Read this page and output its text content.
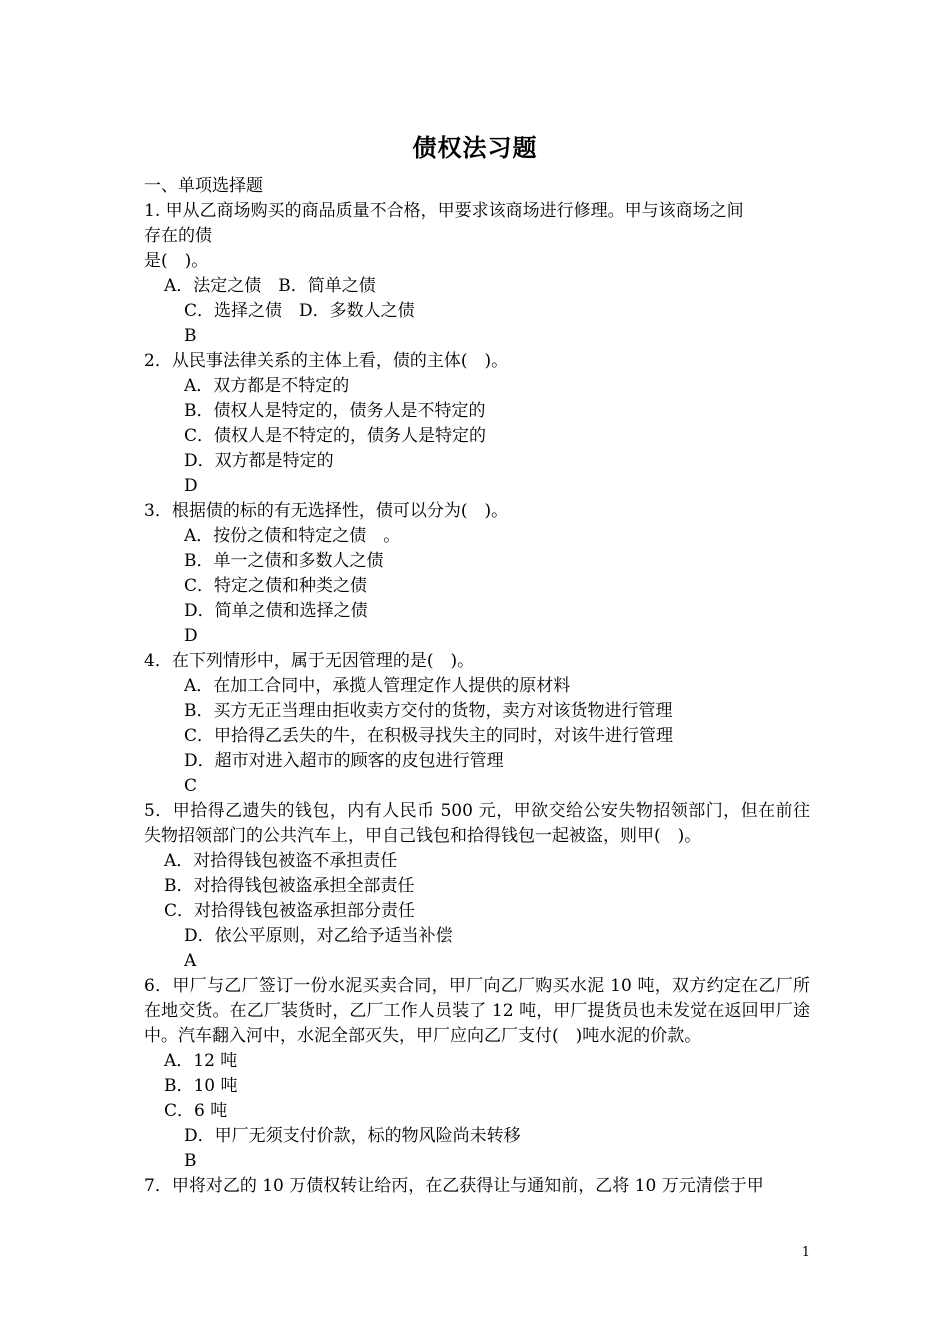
债权法习题
一、单项选择题
1. 甲从乙商场购买的商品质量不合格，甲要求该商场进行修理。甲与该商场之间
存在的债
是(　)。
A．法定之债　B．简单之债
C．选择之债　D．多数人之债
B
2．从民事法律关系的主体上看，债的主体(　)。
A．双方都是不特定的
B．债权人是特定的，债务人是不特定的
C．债权人是不特定的，债务人是特定的
D．双方都是特定的
D
3．根据债的标的有无选择性，债可以分为(　)。
A．按份之债和特定之债　。
B．单一之债和多数人之债
C．特定之债和种类之债
D．简单之债和选择之债
D
4．在下列情形中，属于无因管理的是(　)。
A．在加工合同中，承揽人管理定作人提供的原材料
B．买方无正当理由拒收卖方交付的货物，卖方对该货物进行管理
C．甲拾得乙丢失的牛，在积极寻找失主的同时，对该牛进行管理
D．超市对进入超市的顾客的皮包进行管理
C
5．甲拾得乙遗失的钱包，内有人民币 500 元，甲欲交给公安失物招领部门，但在前往失物招领部门的公共汽车上，甲自己钱包和拾得钱包一起被盗，则甲(　)。
A．对拾得钱包被盗不承担责任
B．对拾得钱包被盗承担全部责任
C．对拾得钱包被盗承担部分责任
D．依公平原则，对乙给予适当补偿
A
6．甲厂与乙厂签订一份水泥买卖合同，甲厂向乙厂购买水泥 10 吨，双方约定在乙厂所在地交货。在乙厂装货时，乙厂工作人员装了 12 吨，甲厂提货员也未发觉在返回甲厂途中。汽车翻入河中，水泥全部灭失，甲厂应向乙厂支付(　)吨水泥的价款。
A．12 吨
B．10 吨
C．6 吨
D．甲厂无须支付价款，标的物风险尚未转移
B
7．甲将对乙的 10 万债权转让给丙，在乙获得让与通知前，乙将 10 万元清偿于甲
1
